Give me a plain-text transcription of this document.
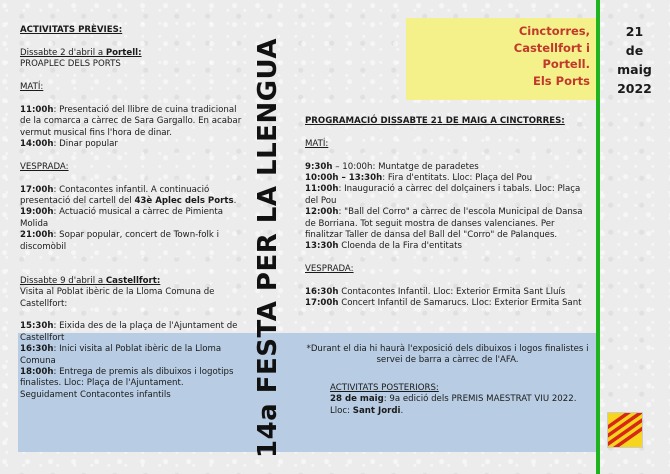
ACTIVITATS PRÈVIES:

Dissabte 2 d'abril a Portell:

PROAPLEC DELS PORTS

MATÍ:

11:00h: Presentació del llibre de cuina tradicional de la comarca a càrrec de Sara Gargallo. En acabar vermut musical fins l'hora de dinar.

14:00h: Dinar popular

VESPRADA:

17:00h: Contacontes infantil. A continuació presentació del cartell del 43è Aplec dels Ports.

19:00h: Actuació musical a càrrec de Pimienta Molida

21:00h: Sopar popular, concert de Town-folk i discomòbil

Dissabte 9 d'abril a Castellfort:

Visita al Poblat ibèric de la Lloma Comuna de Castellfort:

15:30h: Eixida des de la plaça de l'Ajuntament de Castellfort

16:30h: Inici visita al Poblat ibèric de la Lloma Comuna

18:00h: Entrega de premis als dibuixos i logotips finalistes. Lloc: Plaça de l'Ajuntament.

Seguidament Contacontes infantils	14a FESTA PER LA LLENGUA
Cinctorres,
Castellfort i
Portell.
Els Ports
21
de
maig
2022

PROGRAMACIÓ DISSABTE 21 DE MAIG A CINCTORRES:

MATÍ:

9:30h – 10:00h: Muntatge de paradetes

10:00h – 13:30h: Fira d'entitats. Lloc: Plaça del Pou

11:00h: Inauguració a càrrec del dolçainers i tabals. Lloc: Plaça del Pou

12:00h: "Ball del Corro" a càrrec de l'escola Municipal de Dansa de Borriana. Tot seguit mostra de danses valencianes. Per finalitzar Taller de dansa del Ball del "Corro" de Palanques.

13:30h Cloenda de la Fira d'entitats

VESPRADA:

16:30h Contacontes Infantil. Lloc: Exterior Ermita Sant Lluís

17:00h Concert Infantil de Samarucs. Lloc: Exterior Ermita Sant

*Durant el dia hi haurà l'exposició dels dibuixos i logos finalistes i servei de barra a càrrec de l'AFA.

ACTIVITATS POSTERIORS:

28 de maig: 9a edició dels PREMIS MAESTRAT VIU 2022.

Lloc: Sant Jordi.
